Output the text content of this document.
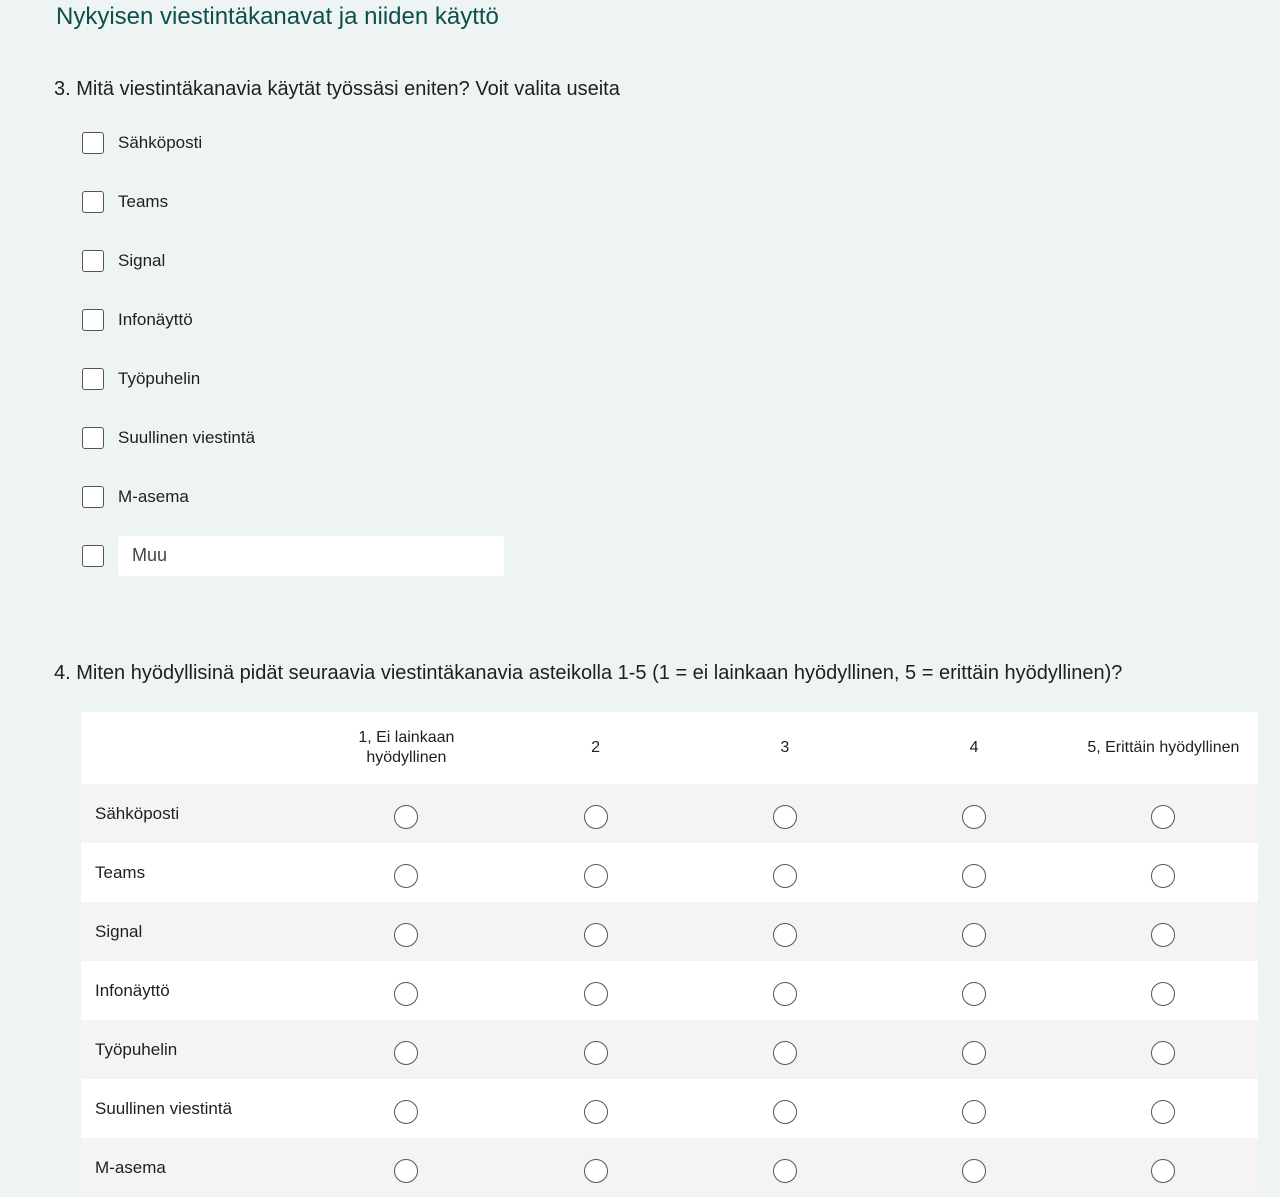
Nykyisen viestintäkanavat ja niiden käyttö
3. Mitä viestintäkanavia käytät työssäsi eniten? Voit valita useita
Sähköposti
Teams
Signal
Infonäyttö
Työpuhelin
Suullinen viestintä
M-asema
Muu
4. Miten hyödyllisinä pidät seuraavia viestintäkanavia asteikolla 1-5 (1 = ei lainkaan hyödyllinen, 5 = erittäin hyödyllinen)?
	1, Ei lainkaan hyödyllinen	2	3	4	5, Erittäin hyödyllinen
Sähköposti					
Teams					
Signal					
Infonäyttö					
Työpuhelin					
Suullinen viestintä					
M-asema					
